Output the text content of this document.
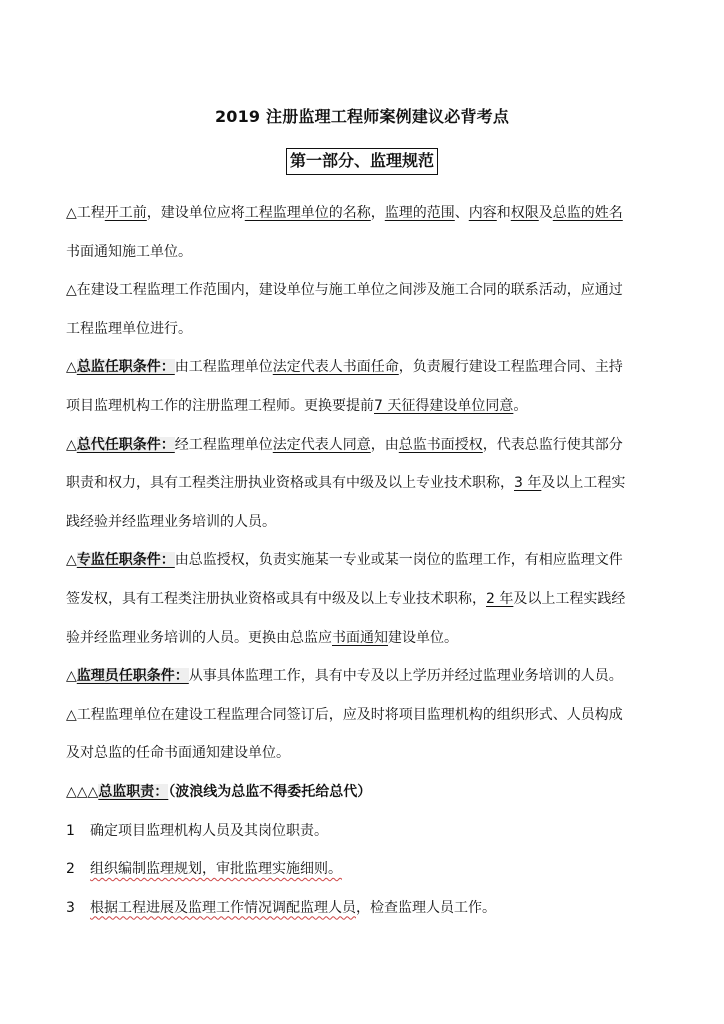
2019 注册监理工程师案例建议必背考点
第一部分、监理规范
△工程开工前，建设单位应将工程监理单位的名称，监理的范围、内容和权限及总监的姓名
书面通知施工单位。
△在建设工程监理工作范围内，建设单位与施工单位之间涉及施工合同的联系活动，应通过
工程监理单位进行。
△总监任职条件：由工程监理单位法定代表人书面任命，负责履行建设工程监理合同、主持
项目监理机构工作的注册监理工程师。更换要提前7 天征得建设单位同意。
△总代任职条件：经工程监理单位法定代表人同意，由总监书面授权，代表总监行使其部分
职责和权力，具有工程类注册执业资格或具有中级及以上专业技术职称，3 年及以上工程实
践经验并经监理业务培训的人员。
△专监任职条件：由总监授权，负责实施某一专业或某一岗位的监理工作，有相应监理文件
签发权，具有工程类注册执业资格或具有中级及以上专业技术职称，2 年及以上工程实践经
验并经监理业务培训的人员。更换由总监应书面通知建设单位。
△监理员任职条件：从事具体监理工作，具有中专及以上学历并经过监理业务培训的人员。
△工程监理单位在建设工程监理合同签订后，应及时将项目监理机构的组织形式、人员构成
及对总监的任命书面通知建设单位。
△△△总监职责：（波浪线为总监不得委托给总代）
1 确定项目监理机构人员及其岗位职责。
2 组织编制监理规划，审批监理实施细则。
3 根据工程进展及监理工作情况调配监理人员，检查监理人员工作。
